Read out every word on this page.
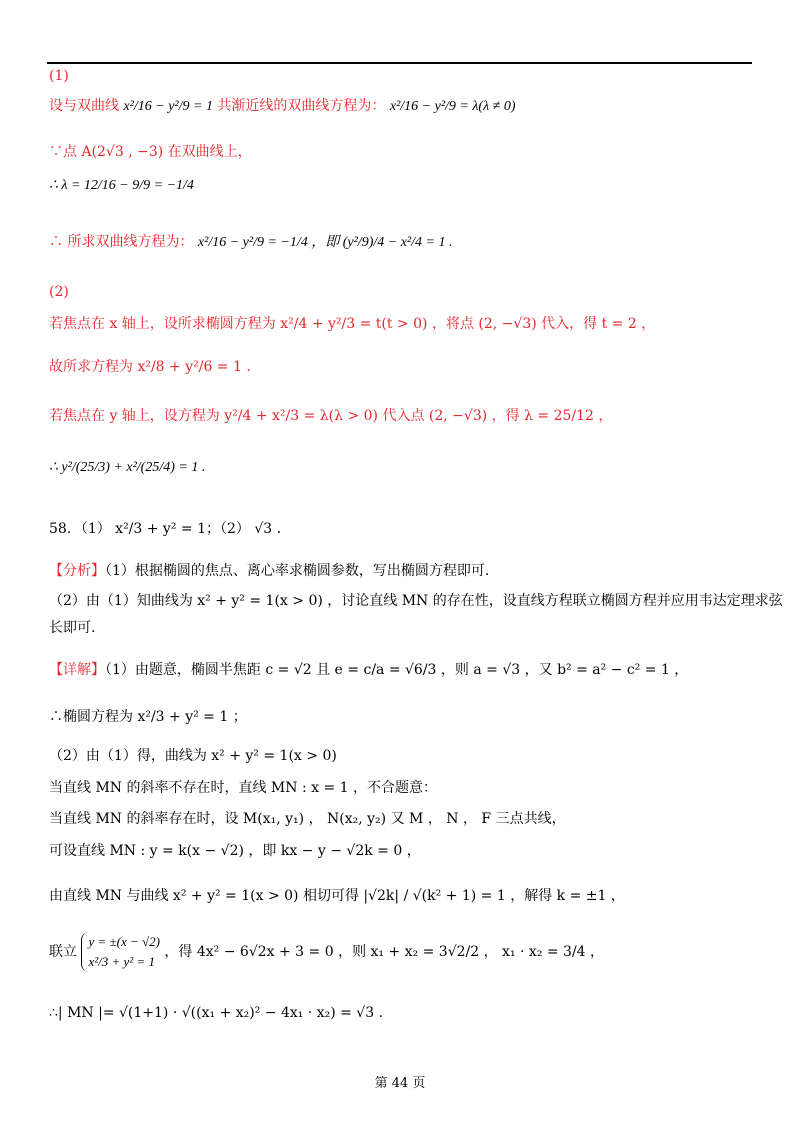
(1)
设与双曲线 x²/16 − y²/9 = 1 共渐近线的双曲线方程为： x²/16 − y²/9 = λ(λ ≠ 0)
∵点 A(2√3 , −3) 在双曲线上，
∴ λ = 12/16 − 9/9 = −1/4
∴ 所求双曲线方程为： x²/16 − y²/9 = −1/4 ，即 (y²/9)/4 − x²/4 = 1 .
(2)
若焦点在 x 轴上，设所求椭圆方程为 x²/4 + y²/3 = t(t > 0) ，将点 (2, −√3) 代入，得 t = 2 ，
故所求方程为 x²/8 + y²/6 = 1 .
若焦点在 y 轴上，设方程为 y²/4 + x²/3 = λ(λ > 0) 代入点 (2, −√3) ，得 λ = 25/12 ，
∴ y²/(25/3) + x²/(25/4) = 1 .
58．（1） x²/3 + y² = 1；（2） √3 .
【分析】（1）根据椭圆的焦点、离心率求椭圆参数，写出椭圆方程即可.
（2）由（1）知曲线为 x² + y² = 1(x > 0) ，讨论直线 MN 的存在性，设直线方程联立椭圆方程并应用韦达定理求弦
长即可.
【详解】（1）由题意，椭圆半焦距 c = √2 且 e = c/a = √6/3 ，则 a = √3 ，又 b² = a² − c² = 1 ，
∴椭圆方程为 x²/3 + y² = 1 ；
（2）由（1）得，曲线为 x² + y² = 1(x > 0)
当直线 MN 的斜率不存在时，直线 MN : x = 1 ，不合题意：
当直线 MN 的斜率存在时，设 M(x₁, y₁) ， N(x₂, y₂) 又 M ， N ， F 三点共线，
可设直线 MN : y = k(x − √2) ，即 kx − y − √2k = 0 ，
由直线 MN 与曲线 x² + y² = 1(x > 0) 相切可得 |√2k| / √(k² + 1) = 1 ，解得 k = ±1 ，
联立
y = ±(x − √2)
x²/3 + y² = 1
，得 4x² − 6√2x + 3 = 0 ，则 x₁ + x₂ = 3√2/2 ， x₁ · x₂ = 3/4 ，
∴| MN |= √(1+1) · √((x₁ + x₂)² − 4x₁ · x₂) = √3 .
第 44 页
